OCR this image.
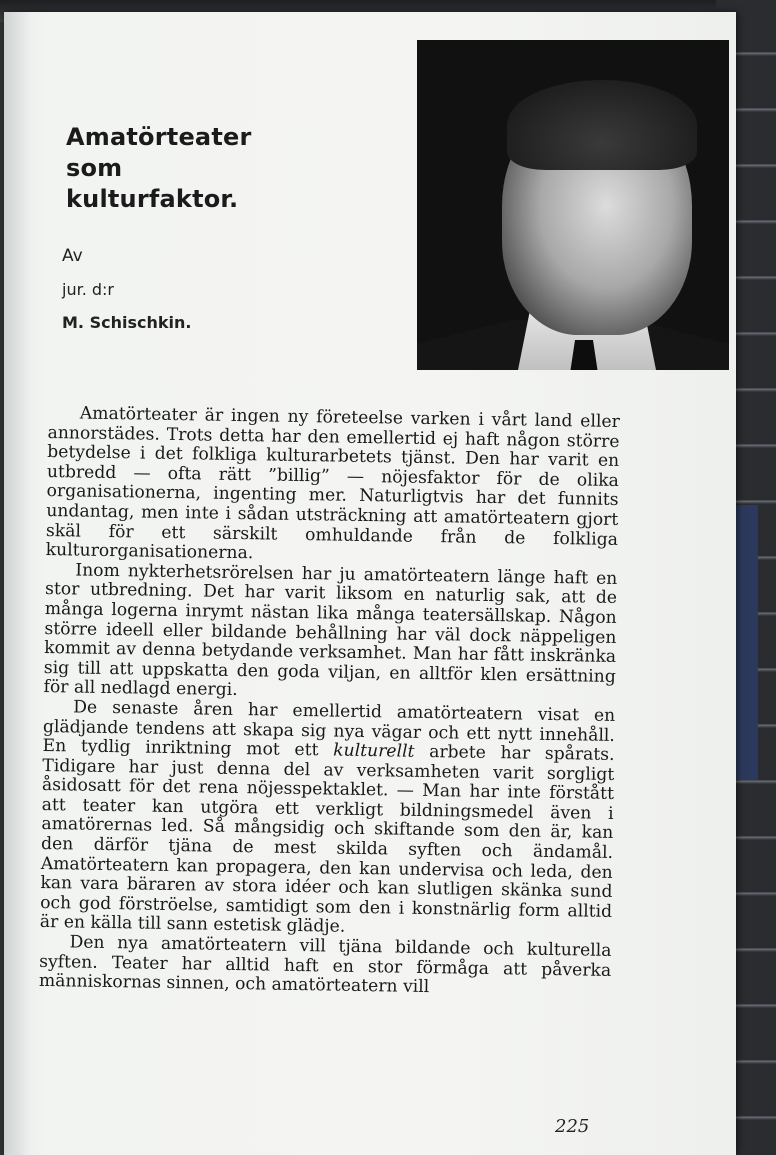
Amatörteater
som
kulturfaktor.
Av
jur. d:r
M. Schischkin.

Amatörteater är ingen ny företeelse varken i vårt land eller annorstädes. Trots detta har den emellertid ej haft någon större betydelse i det folkliga kulturarbetets tjänst. Den har varit en utbredd — ofta rätt ”billig” — nöjesfaktor för de olika organisationerna, ingenting mer. Naturligtvis har det funnits undantag, men inte i sådan utsträckning att amatörteatern gjort skäl för ett särskilt omhuldande från de folkliga kulturorganisationerna.

Inom nykterhetsrörelsen har ju amatörteatern länge haft en stor utbredning. Det har varit liksom en naturlig sak, att de många logerna inrymt nästan lika många teatersällskap. Någon större ideell eller bildande behållning har väl dock näppeligen kommit av denna betydande verksamhet. Man har fått inskränka sig till att uppskatta den goda viljan, en alltför klen ersättning för all nedlagd energi.

De senaste åren har emellertid amatörteatern visat en glädjande tendens att skapa sig nya vägar och ett nytt innehåll. En tydlig inriktning mot ett kulturellt arbete har spårats. Tidigare har just denna del av verksamheten varit sorgligt åsidosatt för det rena nöjesspektaklet. — Man har inte förstått att teater kan utgöra ett verkligt bildningsmedel även i amatörernas led. Så mångsidig och skiftande som den är, kan den därför tjäna de mest skilda syften och ändamål. Amatörteatern kan propagera, den kan undervisa och leda, den kan vara bäraren av stora idéer och kan slutligen skänka sund och god förströelse, samtidigt som den i konstnärlig form alltid är en källa till sann estetisk glädje.

Den nya amatörteatern vill tjäna bildande och kulturella syften. Teater har alltid haft en stor förmåga att påverka människornas sinnen, och amatörteatern vill

225
